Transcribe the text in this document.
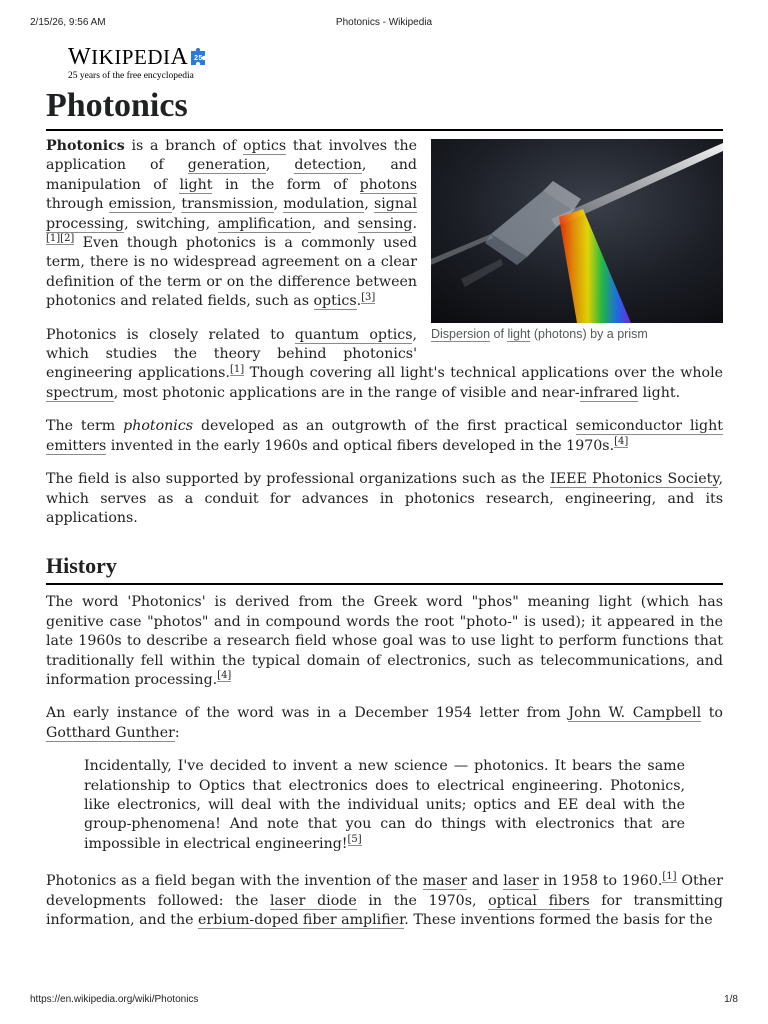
2/15/26, 9:56 AM	Photonics - Wikipedia
WIKIPEDIA 25
25 years of the free encyclopedia
Photonics
Dispersion of light (photons) by a prism

Photonics is a branch of optics that involves the application of generation, detection, and manipulation of light in the form of photons through emission, transmission, modulation, signal processing, switching, amplification, and sensing.[1][2] Even though photonics is a commonly used term, there is no widespread agreement on a clear definition of the term or on the difference between photonics and related fields, such as optics.[3]

Photonics is closely related to quantum optics, which studies the theory behind photonics' engineering applications.[1] Though covering all light's technical applications over the whole spectrum, most photonic applications are in the range of visible and near-infrared light.

The term photonics developed as an outgrowth of the first practical semiconductor light emitters invented in the early 1960s and optical fibers developed in the 1970s.[4]

The field is also supported by professional organizations such as the IEEE Photonics Society, which serves as a conduit for advances in photonics research, engineering, and its applications.

History

The word 'Photonics' is derived from the Greek word "phos" meaning light (which has genitive case "photos" and in compound words the root "photo-" is used); it appeared in the late 1960s to describe a research field whose goal was to use light to perform functions that traditionally fell within the typical domain of electronics, such as telecommunications, and information processing.[4]

An early instance of the word was in a December 1954 letter from John W. Campbell to Gotthard Gunther:

Incidentally, I've decided to invent a new science — photonics. It bears the same relationship to Optics that electronics does to electrical engineering. Photonics, like electronics, will deal with the individual units; optics and EE deal with the group-phenomena! And note that you can do things with electronics that are impossible in electrical engineering![5]

Photonics as a field began with the invention of the maser and laser in 1958 to 1960.[1] Other developments followed: the laser diode in the 1970s, optical fibers for transmitting information, and the erbium-doped fiber amplifier. These inventions formed the basis for the

https://en.wikipedia.org/wiki/Photonics	1/8
